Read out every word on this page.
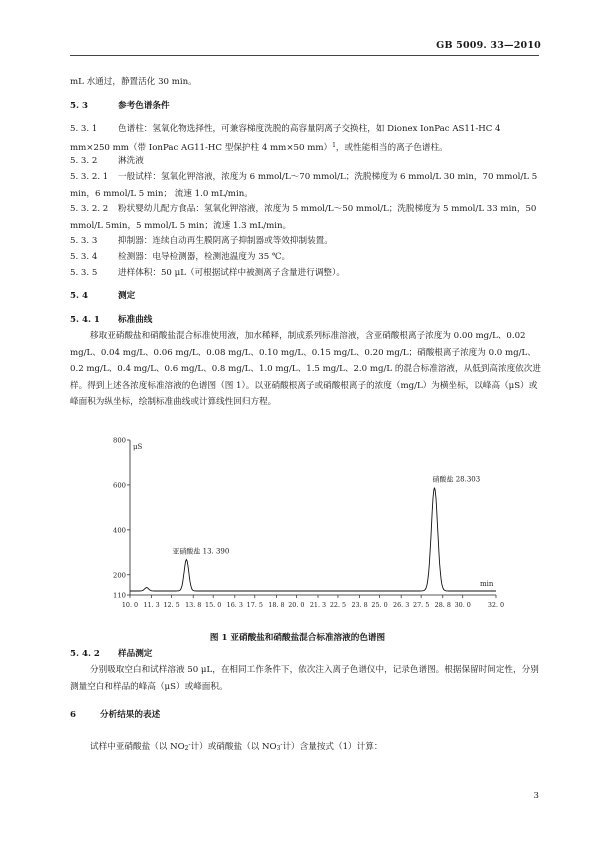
GB 5009. 33—2010
mL 水通过，静置活化 30 min。
5. 3	参考色谱条件
5. 3. 1 色谱柱：氢氧化物选择性，可兼容梯度洗脱的高容量阴离子交换柱，如 Dionex IonPac AS11-HC 4 mm×250 mm（带 IonPac AG11-HC 型保护柱 4 mm×50 mm）$^1$，或性能相当的离子色谱柱。
5. 3. 2 淋洗液
5. 3. 2. 1 一般试样：氢氧化钾溶液，浓度为 6 mmol/L～70 mmol/L；洗脱梯度为 6 mmol/L 30 min，70 mmol/L 5 min，6 mmol/L 5 min； 流速 1.0 mL/min。
5. 3. 2. 2 粉状婴幼儿配方食品：氢氧化钾溶液，浓度为 5 mmol/L～50 mmol/L；洗脱梯度为 5 mmol/L 33 min，50 mmol/L 5min，5 mmol/L 5 min；流速 1.3 mL/min。
5. 3. 3 抑制器：连续自动再生膜阴离子抑制器或等效抑制装置。
5. 3. 4 检测器：电导检测器，检测池温度为 35 ℃。
5. 3. 5 进样体积：50 μL（可根据试样中被测离子含量进行调整）。
5. 4	测定
5. 4. 1 标准曲线
移取亚硝酸盐和硝酸盐混合标准使用液，加水稀释，制成系列标准溶液，含亚硝酸根离子浓度为 0.00 mg/L、0.02 mg/L、0.04 mg/L、0.06 mg/L、0.08 mg/L、0.10 mg/L、0.15 mg/L、0.20 mg/L；硝酸根离子浓度为 0.0 mg/L、0.2 mg/L、0.4 mg/L、0.6 mg/L、0.8 mg/L、1.0 mg/L、1.5 mg/L、2.0 mg/L 的混合标准溶液，从低到高浓度依次进样。得到上述各浓度标准溶液的色谱图（图 1）。以亚硝酸根离子或硝酸根离子的浓度（mg/L）为横坐标，以峰高（μS）或峰面积为纵坐标，绘制标准曲线或计算线性回归方程。
800
600
400
200
110
10. 0 11. 3 12. 5 13. 8 15. 0 16. 3 17. 5 18. 8 20. 0 21. 3 22. 5 23. 8 25. 0 26. 3 27. 5 28. 8 30. 0	32. 0
μS
min
亚硝酸盐 13. 390
硝酸盐 28.303
图 1 亚硝酸盐和硝酸盐混合标准溶液的色谱图
5. 4. 2 样品测定
分别吸取空白和试样溶液 50 μL，在相同工作条件下，依次注入离子色谱仪中，记录色谱图。根据保留时间定性，分别测量空白和样品的峰高（μS）或峰面积。
6	分析结果的表述
试样中亚硝酸盐（以 $NO_2^-$计）或硝酸盐（以 $NO_3^-$计）含量按式（1）计算：
3
